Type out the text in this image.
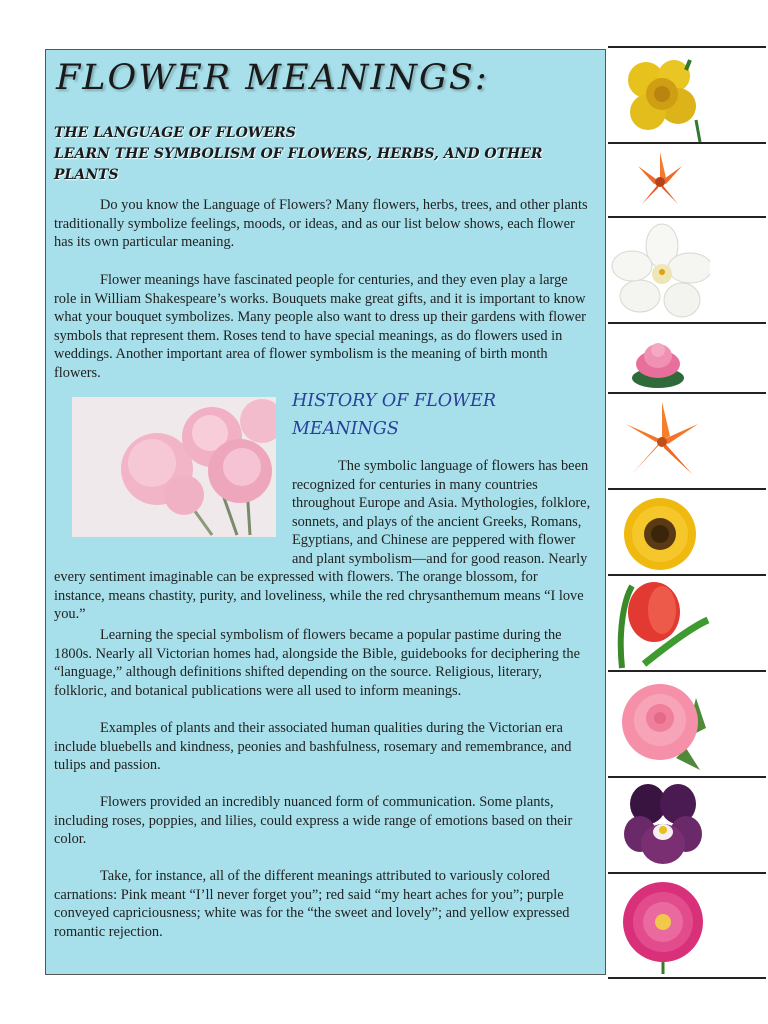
FLOWER MEANINGS:
THE LANGUAGE OF FLOWERS
LEARN THE SYMBOLISM OF FLOWERS, HERBS, AND OTHER
PLANTS

Do you know the Language of Flowers? Many flowers, herbs, trees, and other plants traditionally symbolize feelings, moods, or ideas, and as our list below shows, each flower has its own particular meaning.

Flower meanings have fascinated people for centuries, and they even play a large role in William Shakespeare’s works. Bouquets make great gifts, and it is important to know what your bouquet symbolizes. Many people also want to dress up their gardens with flower symbols that represent them. Roses tend to have special meanings, as do flowers used in weddings. Another important area of flower symbolism is the meaning of birth month flowers.

HISTORY OF FLOWER MEANINGS

The symbolic language of flowers has been recognized for centuries in many countries throughout Europe and Asia. Mythologies, folklore, sonnets, and plays of the ancient Greeks, Romans, Egyptians, and Chinese are peppered with flower and plant symbolism—and for good reason. Nearly every sentiment imaginable can be expressed with flowers. The orange blossom, for instance, means chastity, purity, and loveliness, while the red chrysanthemum means “I love you.”

Learning the special symbolism of flowers became a popular pastime during the 1800s. Nearly all Victorian homes had, alongside the Bible, guidebooks for deciphering the “language,” although definitions shifted depending on the source. Religious, literary, folkloric, and botanical publications were all used to inform meanings.

Examples of plants and their associated human qualities during the Victorian era include bluebells and kindness, peonies and bashfulness, rosemary and remembrance, and tulips and passion.

Flowers provided an incredibly nuanced form of communication. Some plants, including roses, poppies, and lilies, could express a wide range of emotions based on their color.

Take, for instance, all of the different meanings attributed to variously colored carnations: Pink meant “I’ll never forget you”; red said “my heart aches for you”; purple conveyed capriciousness; white was for the “the sweet and lovely”; and yellow expressed romantic rejection.
